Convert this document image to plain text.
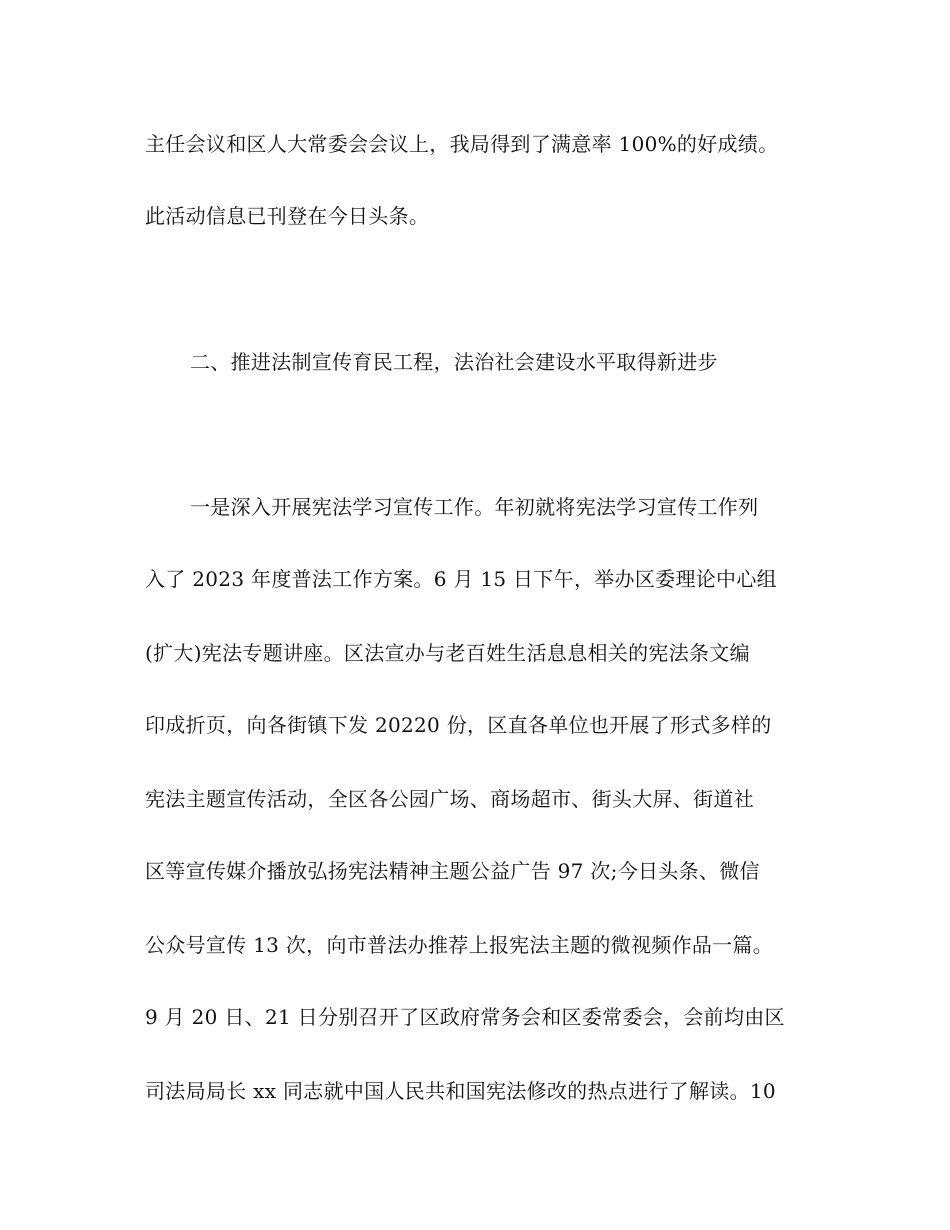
主任会议和区人大常委会会议上，我局得到了满意率 100%的好成绩。
此活动信息已刊登在今日头条。
二、推进法制宣传育民工程，法治社会建设水平取得新进步
一是深入开展宪法学习宣传工作。年初就将宪法学习宣传工作列
入了 2023 年度普法工作方案。6 月 15 日下午，举办区委理论中心组
(扩大)宪法专题讲座。区法宣办与老百姓生活息息相关的宪法条文编
印成折页，向各街镇下发 20220 份，区直各单位也开展了形式多样的
宪法主题宣传活动，全区各公园广场、商场超市、街头大屏、街道社
区等宣传媒介播放弘扬宪法精神主题公益广告 97 次;今日头条、微信
公众号宣传 13 次，向市普法办推荐上报宪法主题的微视频作品一篇。
9 月 20 日、21 日分别召开了区政府常务会和区委常委会，会前均由区
司法局局长 xx 同志就中国人民共和国宪法修改的热点进行了解读。10
